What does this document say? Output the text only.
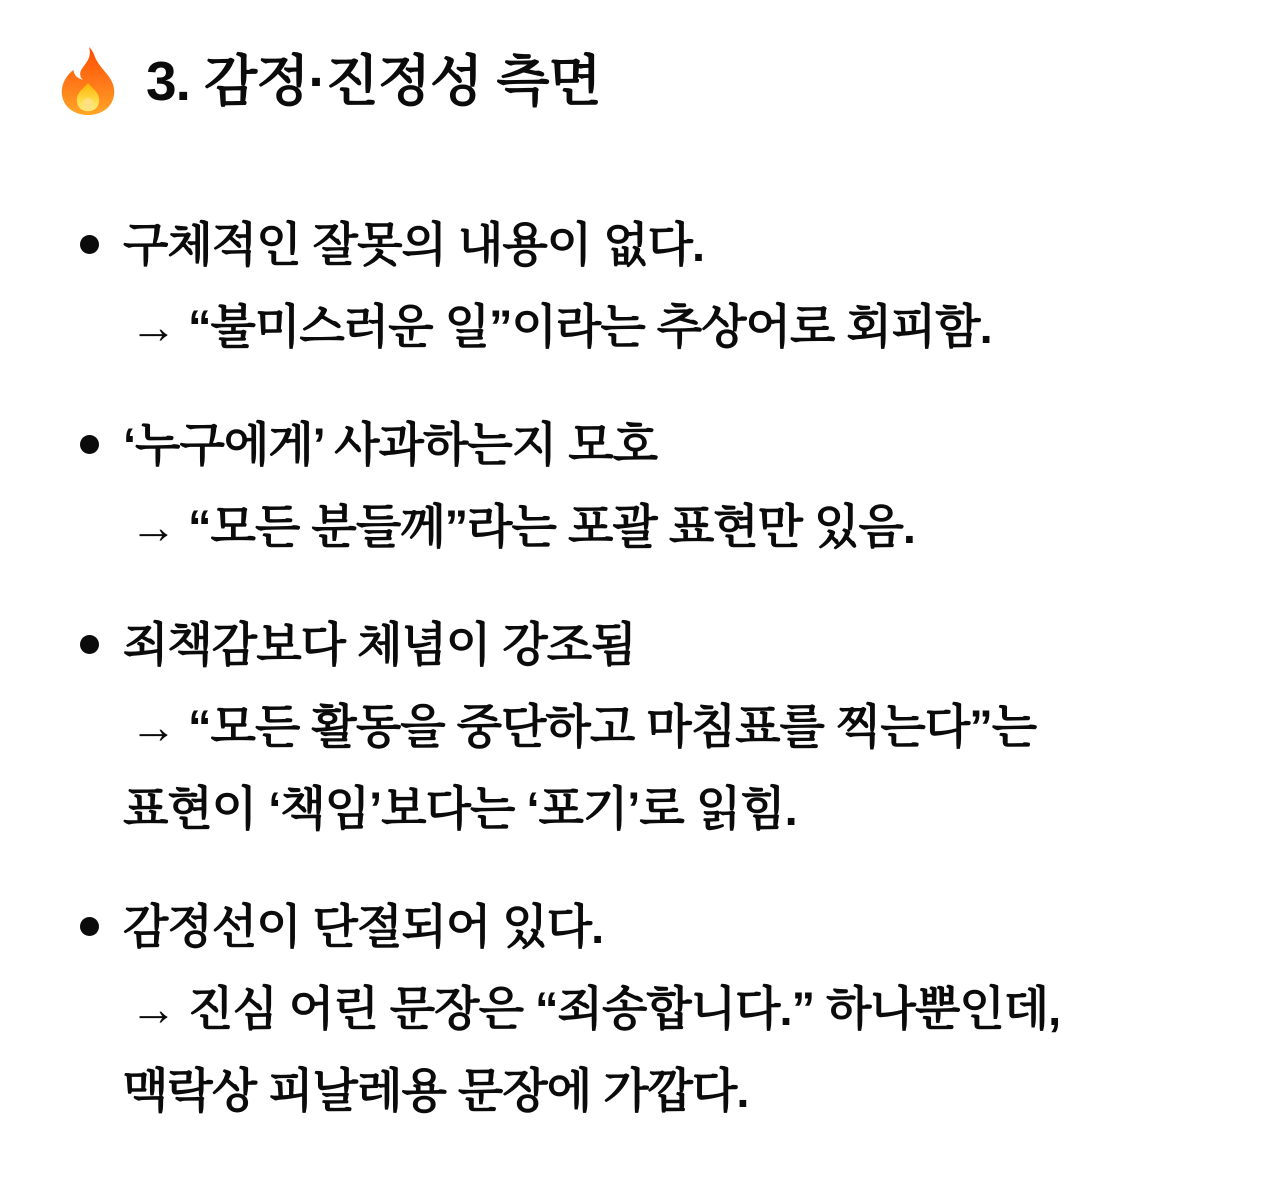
3. 감정·진정성 측면
구체적인 잘못의 내용이 없다.
→ “불미스러운 일”이라는 추상어로 회피함.
‘누구에게’ 사과하는지 모호
→ “모든 분들께”라는 포괄 표현만 있음.
죄책감보다 체념이 강조됨
→ “모든 활동을 중단하고 마침표를 찍는다”는
표현이 ‘책임’보다는 ‘포기’로 읽힘.
감정선이 단절되어 있다.
→ 진심 어린 문장은 “죄송합니다.” 하나뿐인데,
맥락상 피날레용 문장에 가깝다.
